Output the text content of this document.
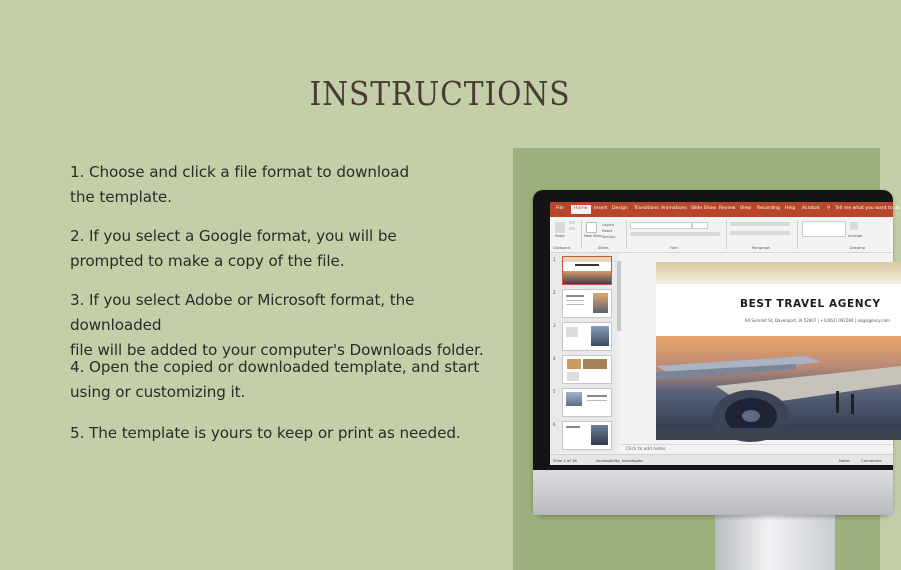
INSTRUCTIONS
1. Choose and click a file format to download
the template.
2. If you select a Google format, you will be
prompted to make a copy of the file.
3. If you select Adobe or Microsoft format, the downloaded
file will be added to your computer's Downloads folder.
4. Open the copied or downloaded template, and start
using or customizing it.
5. The template is yours to keep or print as needed.
File	Home	Insert Design Transitions Animations Slide Show Review View Recording Help Acrobat ⚲ Tell me what you want to do
Paste
Clipboard
New Slide
Layout
Reset
Section
Slides	Font	Paragraph
Arrange
Drawing
1
2
3
4
5
6
BEST TRAVEL AGENCY
94 Summit St, Davenport, IA 52807 | +1(062) 092284 | ok@agency.com
Click to add notes
Slide 1 of 16	Accessibility: Investigate	Notes	Comments
